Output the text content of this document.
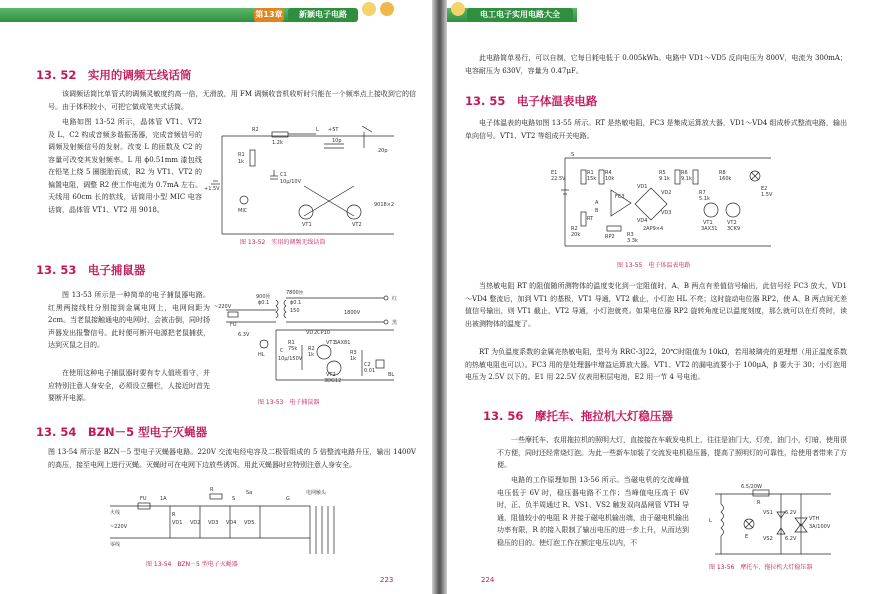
第13章	新颖电子电路
13. 52　实用的调频无线话筒
该调频话筒比单管式的调频灵敏度约高一倍，无滑放，用 FM 调频收音机收听时只能在一个频率点上接收到它的信号。由于体积较小，可把它做成笔夹式话筒。
电路如图 13-52 所示，晶体管 VT1、VT2 及 L、C2 构成音频多谐振荡器，完成音频信号的调频及射频信号的发射。改变 L 的匝数及 C2 的容量可改变其发射频率。L 用 ϕ0.51mm 漆包线在铅笔上绕 5 圈脱胎而成，R2 为 VT1、VT2 的偏置电阻，调整 R2 使工作电流为 0.7mA 左右。天线用 60cm 长的软线，话筒用小型 MIC 电容话筒，晶体管 VT1、VT2 用 9018。
R2
1.2k	10p
L +5T
R1
1k
C1
10μ/10V
MIC
VT1	VT2
9018×2
20p
+1.5V
图 13-52　实用的调频无线话筒
13. 53　电子捕鼠器
图 13-53 所示是一种简单的电子捕鼠器电路。红黑两接线柱分别接到金属电网上，电网间距为 2cm。当老鼠接触通电的电网时，会被击倒，同时扬声器发出报警信号。此时便可断开电源把老鼠捕获，达到灭鼠之目的。
在使用这种电子捕鼠器时要有专人值班看守，并应特别注意人身安全，必须设立栅栏，人接近时首先要断开电源。
~220V
FU
900匝
ϕ0.1
7800匝
ϕ0.1
150	1800V
6.3V
HL
VD 2CP10
VT1
3AX81
R2
1k
C
10μ/150V
R1
75k
VT2
3DG12
R3
1k
C2
0.01
BL
红
黑
图 13-53　电子捕鼠器
13. 54　BZN－5 型电子灭蝇器
图 13-54 所示是 BZN－5 型电子灭蝇器电路。220V 交流电经电容及二极管组成的 5 倍整流电路升压，输出 1400V 的高压，接至电网上进行灭蝇。灭蝇时可在电网下边放些诱饵。用此灭蝇器时应特别注意人身安全。
火线
零线
~220V
FU
R	Sa
R
S	G
VD1 VD2 VD3 VD4 VD5
1A
电网触头
图 13-54　BZN－5 型电子灭蝇器
223
电工电子实用电路大全
此电路简单易行，可以自制，它每日耗电低于 0.005kWh。电路中 VD1～VD5 反向电压为 800V，电流为 300mA；电容耐压为 630V，容量为 0.47μF。
13. 55　电子体温表电路
电子体温表的电路如图 13-55 所示。RT 是热敏电阻，FC3 是集成运算放大器，VD1～VD4 组成桥式整流电路，输出单向信号。VT1、VT2 等组成开关电路。
E1
22.5V
R1
15k
R4
10k
RT
FC3
R6
9.1k
R5
9.1k
VD1
VD2
VD3
VD4
R7
5.1k
R8
160k
VT1	VT2
3AX31 3CK9
E2
1.5V
RP2
A
B
2AP9×4
R2
20k	R3
3.3k
S
图 13-55　电子体温表电路
当热敏电阻 RT 的阻值随所测物体的温度变化到一定阻值时，A、B 两点有差值信号输出，此信号经 FC3 放大，VD1～VD4 整流后，加到 VT1 的基极，VT1 导通，VT2 截止，小灯泡 HL 不亮；这时旋动电位器 RP2，使 A、B 两点间无差值信号输出，则 VT1 截止，VT2 导通，小灯泡就亮。如果电位器 RP2 旋转角度记以温度刻度，那么就可以在灯亮时，读出被测物体的温度了。
RT 为负温度系数的金属壳热敏电阻，型号为 RRC-3J22，20℃时阻值为 10kΩ，若用玻璃壳的更理想（用正温度系数的热敏电阻也可以）。FC3 用的是处理器中增益运算放大器。VT1、VT2 的漏电流要小于 100μA，β 要大于 30；小灯泡用电压为 2.5V 以下的。E1 用 22.5V 仪表用积层电池，E2 用一节 4 号电池。
13. 56　摩托车、拖拉机大灯稳压器
一些摩托车、农用拖拉机的照明大灯，直接接在车载发电机上，往往是油门大，灯亮，油门小，灯暗，使用很不方便，同时还经常烧灯泡。为此一些新车加装了交流发电机稳压器，提高了照明灯的可靠性，给使用者带来了方便。
电路的工作原理如图 13-56 所示。当磁电机的交流峰值电压低于 6V 时，稳压器电路不工作；当峰值电压高于 6V 时，正、负半周通过 R、VS1、VS2 触发双向晶闸管 VTH 导通，阻值较小的电阻 R 并接于磁电机输出端，由于磁电机输出功率有限，R 的接入限制了输出电压的进一步上升，从而达到稳压的目的。使灯泡工作在额定电压以内，不
6.5/20W
R
VS1
VS2
VTH
3A/100V
L
E
6.2V
6.2V
图 13-56　摩托车、拖拉机大灯稳压器
224
